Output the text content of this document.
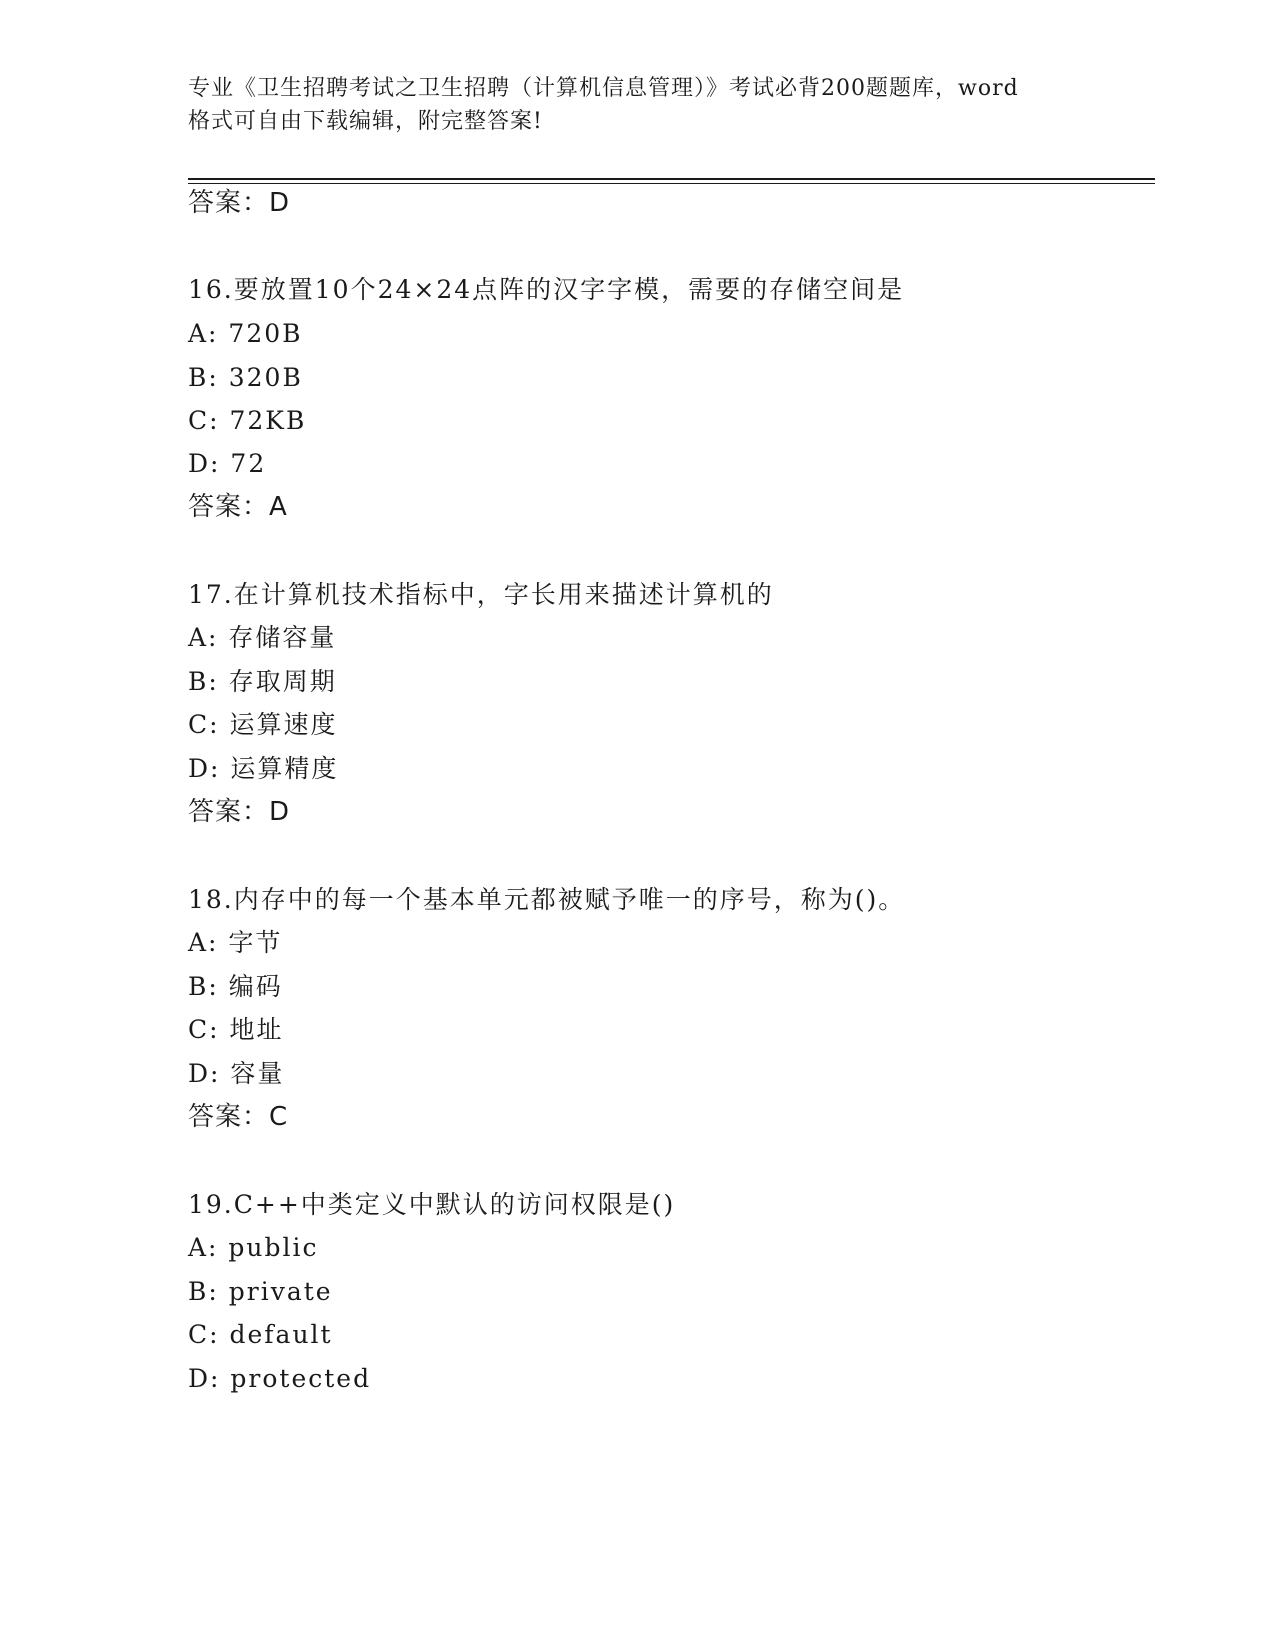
专业《卫生招聘考试之卫生招聘（计算机信息管理）》考试必背200题题库，word
格式可自由下载编辑，附完整答案!
答案：D
16.要放置10个24×24点阵的汉字字模，需要的存储空间是
A: 720B
B: 320B
C: 72KB
D: 72
答案：A
17.在计算机技术指标中，字长用来描述计算机的
A: 存储容量
B: 存取周期
C: 运算速度
D: 运算精度
答案：D
18.内存中的每一个基本单元都被赋予唯一的序号，称为()。
A: 字节
B: 编码
C: 地址
D: 容量
答案：C
19.C++中类定义中默认的访问权限是()
A: public
B: private
C: default
D: protected
